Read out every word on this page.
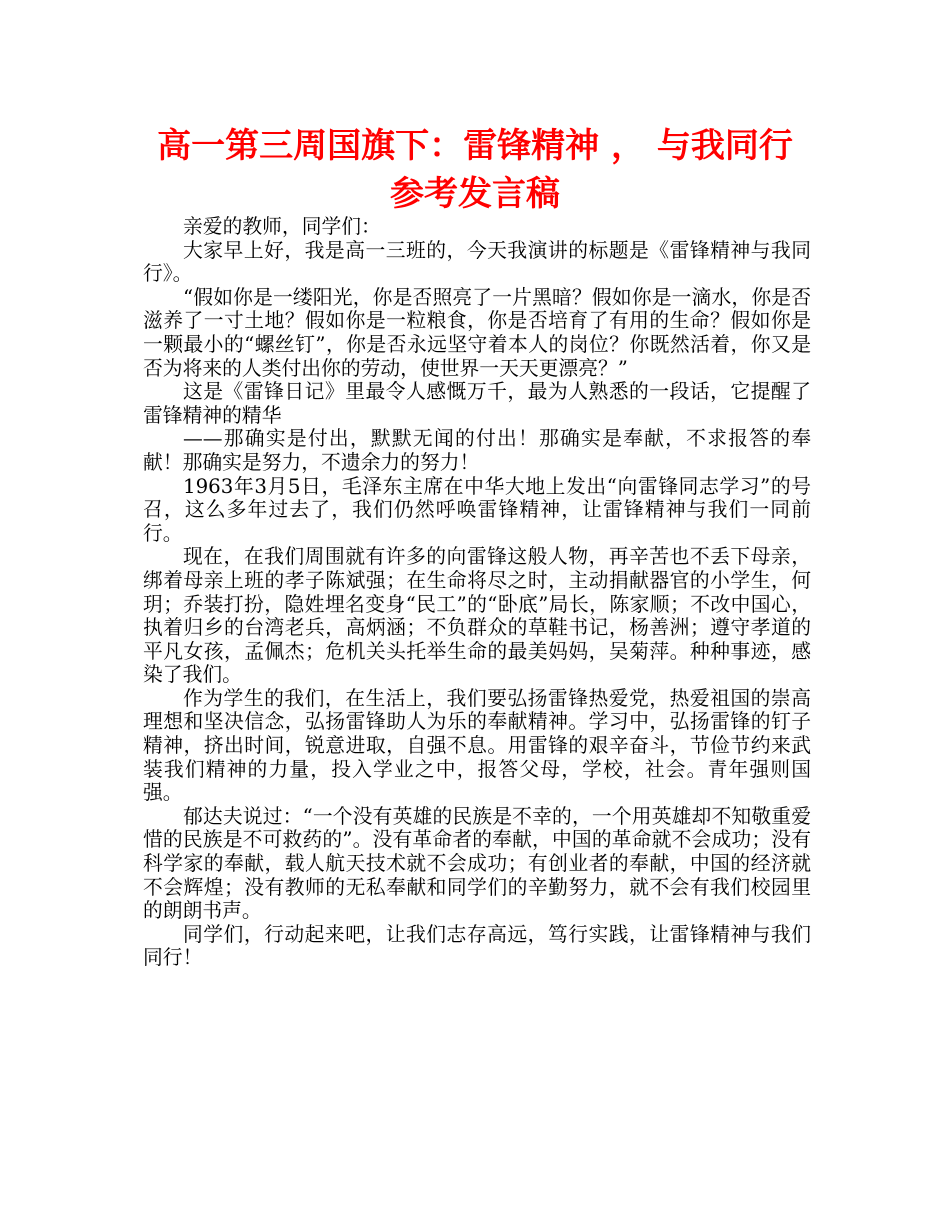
高一第三周国旗下：雷锋精神 ， 与我同行
参考发言稿

亲爱的教师，同学们：

大家早上好，我是高一三班的，今天我演讲的标题是《雷锋精神与我同行》。

“假如你是一缕阳光，你是否照亮了一片黑暗？假如你是一滴水，你是否滋养了一寸土地？假如你是一粒粮食，你是否培育了有用的生命？假如你是一颗最小的“螺丝钉”，你是否永远坚守着本人的岗位？你既然活着，你又是否为将来的人类付出你的劳动，使世界一天天更漂亮？”

这是《雷锋日记》里最令人感慨万千，最为人熟悉的一段话，它提醒了雷锋精神的精华

——那确实是付出，默默无闻的付出！那确实是奉献，不求报答的奉献！那确实是努力，不遗余力的努力！

1963年3月5日，毛泽东主席在中华大地上发出“向雷锋同志学习”的号召，这么多年过去了，我们仍然呼唤雷锋精神，让雷锋精神与我们一同前行。

现在，在我们周围就有许多的向雷锋这般人物，再辛苦也不丢下母亲，绑着母亲上班的孝子陈斌强；在生命将尽之时，主动捐献器官的小学生，何玥；乔装打扮，隐姓埋名变身“民工”的“卧底”局长，陈家顺；不改中国心，执着归乡的台湾老兵，高炳涵；不负群众的草鞋书记，杨善洲；遵守孝道的平凡女孩，孟佩杰；危机关头托举生命的最美妈妈，吴菊萍。种种事迹，感染了我们。

作为学生的我们，在生活上，我们要弘扬雷锋热爱党，热爱祖国的崇高理想和坚决信念，弘扬雷锋助人为乐的奉献精神。学习中，弘扬雷锋的钉子精神，挤出时间，锐意进取，自强不息。用雷锋的艰辛奋斗，节俭节约来武装我们精神的力量，投入学业之中，报答父母，学校，社会。青年强则国强。

郁达夫说过：“一个没有英雄的民族是不幸的，一个用英雄却不知敬重爱惜的民族是不可救药的”。没有革命者的奉献，中国的革命就不会成功；没有科学家的奉献，载人航天技术就不会成功；有创业者的奉献，中国的经济就不会辉煌；没有教师的无私奉献和同学们的辛勤努力，就不会有我们校园里的朗朗书声。

同学们，行动起来吧，让我们志存高远，笃行实践，让雷锋精神与我们同行！
